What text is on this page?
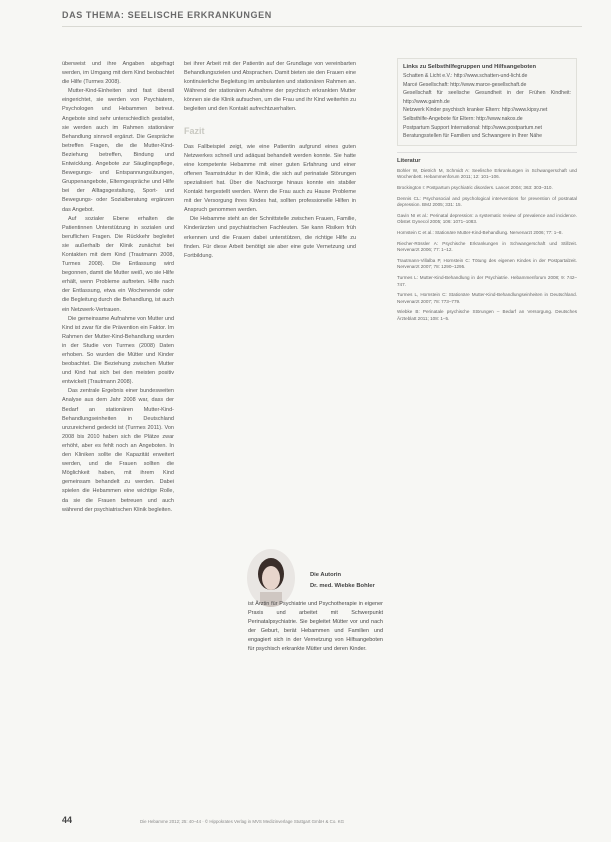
DAS THEMA: SEELISCHE ERKRANKUNGEN

überweist und ihre Angaben abgefragt werden, im Umgang mit dem Kind beobachtet die Hilfe (Turmes 2008).

Mutter-Kind-Einheiten sind fast überall eingerichtet, sie werden von Psychiatern, Psychologen und Hebammen betreut. Angebote sind sehr unterschiedlich gestaltet, sie werden auch im Rahmen stationärer Behandlung sinnvoll ergänzt. Die Gespräche betreffen Fragen, die die Mutter-Kind-Beziehung betreffen, Bindung und Entwicklung. Angebote zur Säuglingspflege, Bewegungs- und Entspannungsübungen, Gruppenangebote, Elterngespräche und Hilfe bei der Alltagsgestaltung, Sport- und Bewegungs- oder Sozialberatung ergänzen das Angebot.

Auf sozialer Ebene erhalten die Patientinnen Unterstützung in sozialen und beruflichen Fragen. Die Rückkehr begleitet sie außerhalb der Klinik zunächst bei Kontakten mit dem Kind (Trautmann 2008, Turmes 2008). Die Entlassung wird begonnen, damit die Mutter weiß, wo sie Hilfe erhält, wenn Probleme auftreten. Hilfe nach der Entlassung, etwa ein Wochenende oder die Begleitung durch die Behandlung, ist auch ein Netzwerk-Vertrauen.

Die gemeinsame Aufnahme von Mutter und Kind ist zwar für die Prävention ein Faktor. Im Rahmen der Mutter-Kind-Behandlung wurden in der Studie von Turmes (2008) Daten erhoben. So wurden die Mütter und Kinder beobachtet. Die Beziehung zwischen Mutter und Kind hat sich bei den meisten positiv entwickelt (Trautmann 2008).

Das zentrale Ergebnis einer bundesweiten Analyse aus dem Jahr 2008 war, dass der Bedarf an stationären Mutter-Kind-Behandlungseinheiten in Deutschland unzureichend gedeckt ist (Turmes 2011). Von 2008 bis 2010 haben sich die Plätze zwar erhöht, aber es fehlt noch an Angeboten. In den Kliniken sollte die Kapazität erweitert werden, und die Frauen sollten die Möglichkeit haben, mit ihrem Kind gemeinsam behandelt zu werden. Dabei spielen die Hebammen eine wichtige Rolle, da sie die Frauen betreuen und auch während der psychiatrischen Klinik begleiten.

bei ihrer Arbeit mit der Patientin auf der Grundlage von vereinbarten Behandlungszielen und Absprachen. Damit bieten sie den Frauen eine kontinuierliche Begleitung im ambulanten und stationären Rahmen an. Während der stationären Aufnahme der psychisch erkrankten Mutter können sie die Klinik aufsuchen, um die Frau und ihr Kind weiterhin zu begleiten und den Kontakt aufrechtzuerhalten.

Fazit

Das Fallbeispiel zeigt, wie eine Patientin aufgrund eines guten Netzwerkes schnell und adäquat behandelt werden konnte. Sie hatte eine kompetente Hebamme mit einer guten Erfahrung und einer offenen Teamstruktur in der Klinik, die sich auf perinatale Störungen spezialisiert hat. Über die Nachsorge hinaus konnte ein stabiler Kontakt hergestellt werden. Wenn die Frau auch zu Hause Probleme mit der Versorgung ihres Kindes hat, sollten professionelle Hilfen in Anspruch genommen werden.

Die Hebamme steht an der Schnittstelle zwischen Frauen, Familie, Kinderärzten und psychiatrischen Fachleuten. Sie kann Risiken früh erkennen und die Frauen dabei unterstützen, die richtige Hilfe zu finden. Für diese Arbeit benötigt sie aber eine gute Vernetzung und Fortbildung.

Die Autorin
Dr. med. Wiebke Bohler
ist Ärztin für Psychiatrie und Psychotherapie in eigener Praxis und arbeitet mit Schwerpunkt Perinatalpsychiatrie. Sie begleitet Mütter vor und nach der Geburt, berät Hebammen und Familien und engagiert sich in der Vernetzung von Hilfsangeboten für psychisch erkrankte Mütter und deren Kinder.
Links zu Selbsthilfegruppen und Hilfsangeboten
Schatten & Licht e.V.: http://www.schatten-und-licht.de
Marcé Gesellschaft: http://www.marce-gesellschaft.de
Gesellschaft für seelische Gesundheit in der Frühen Kindheit: http://www.gaimh.de
Netzwerk Kinder psychisch kranker Eltern: http://www.kipsy.net
Selbsthilfe-Angebote für Eltern: http://www.nakos.de
Postpartum Support International: http://www.postpartum.net
Beratungsstellen für Familien und Schwangere in Ihrer Nähe
Literatur
Bohler W, Dietrich M, Schmidt A: Seelische Erkrankungen in Schwangerschaft und Wochenbett. Hebammenforum 2011; 12: 101–106.
Brockington I: Postpartum psychiatric disorders. Lancet 2004; 363: 303–310.
Dennis CL: Psychosocial and psychological interventions for prevention of postnatal depression. BMJ 2005; 331: 15.
Gavin NI et al.: Perinatal depression: a systematic review of prevalence and incidence. Obstet Gynecol 2005; 106: 1071–1083.
Hornstein C et al.: Stationäre Mutter-Kind-Behandlung. Nervenarzt 2006; 77: 1–8.
Riecher-Rössler A: Psychische Erkrankungen in Schwangerschaft und Stillzeit. Nervenarzt 2006; 77: 1–12.
Trautmann-Villalba P, Hornstein C: Tötung des eigenen Kindes in der Postpartalzeit. Nervenarzt 2007; 78: 1290–1295.
Turmes L: Mutter-Kind-Behandlung in der Psychiatrie. Hebammenforum 2008; 9: 742–747.
Turmes L, Hornstein C: Stationäre Mutter-Kind-Behandlungseinheiten in Deutschland. Nervenarzt 2007; 78: 773–779.
Wiebke B: Perinatale psychische Störungen – Bedarf an Versorgung. Deutsches Ärzteblatt 2011; 108: 1–5.
44	Die Hebamme 2012; 25: 40–44 · © Hippokrates Verlag in MVS Medizinverlage Stuttgart GmbH & Co. KG
